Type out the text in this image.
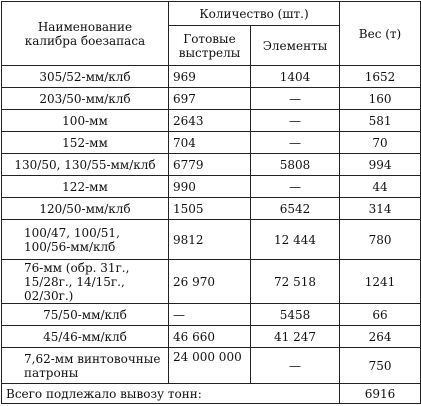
Наименование калибра боезапаса	Количество (шт.)		Вес (т)
	Готовые выстрелы	Элементы	
305/52-мм/клб	969	1404	1652
203/50-мм/клб	697	—	160
100-мм	2643	—	581
152-мм	704	—	70
130/50, 130/55-мм/клб	6779	5808	994
122-мм	990	—	44
120/50-мм/клб	1505	6542	314
100/47, 100/51, 100/56-мм/клб	9812	12 444	780
76-мм (обр. 31г., 15/28г., 14/15г., 02/30г.)	26 970	72 518	1241
75/50-мм/клб	—	5458	66
45/46-мм/клб	46 660	41 247	264
7,62-мм винтовочные патроны	24 000 000	—	750
Всего подлежало вывозу тонн:			6916
